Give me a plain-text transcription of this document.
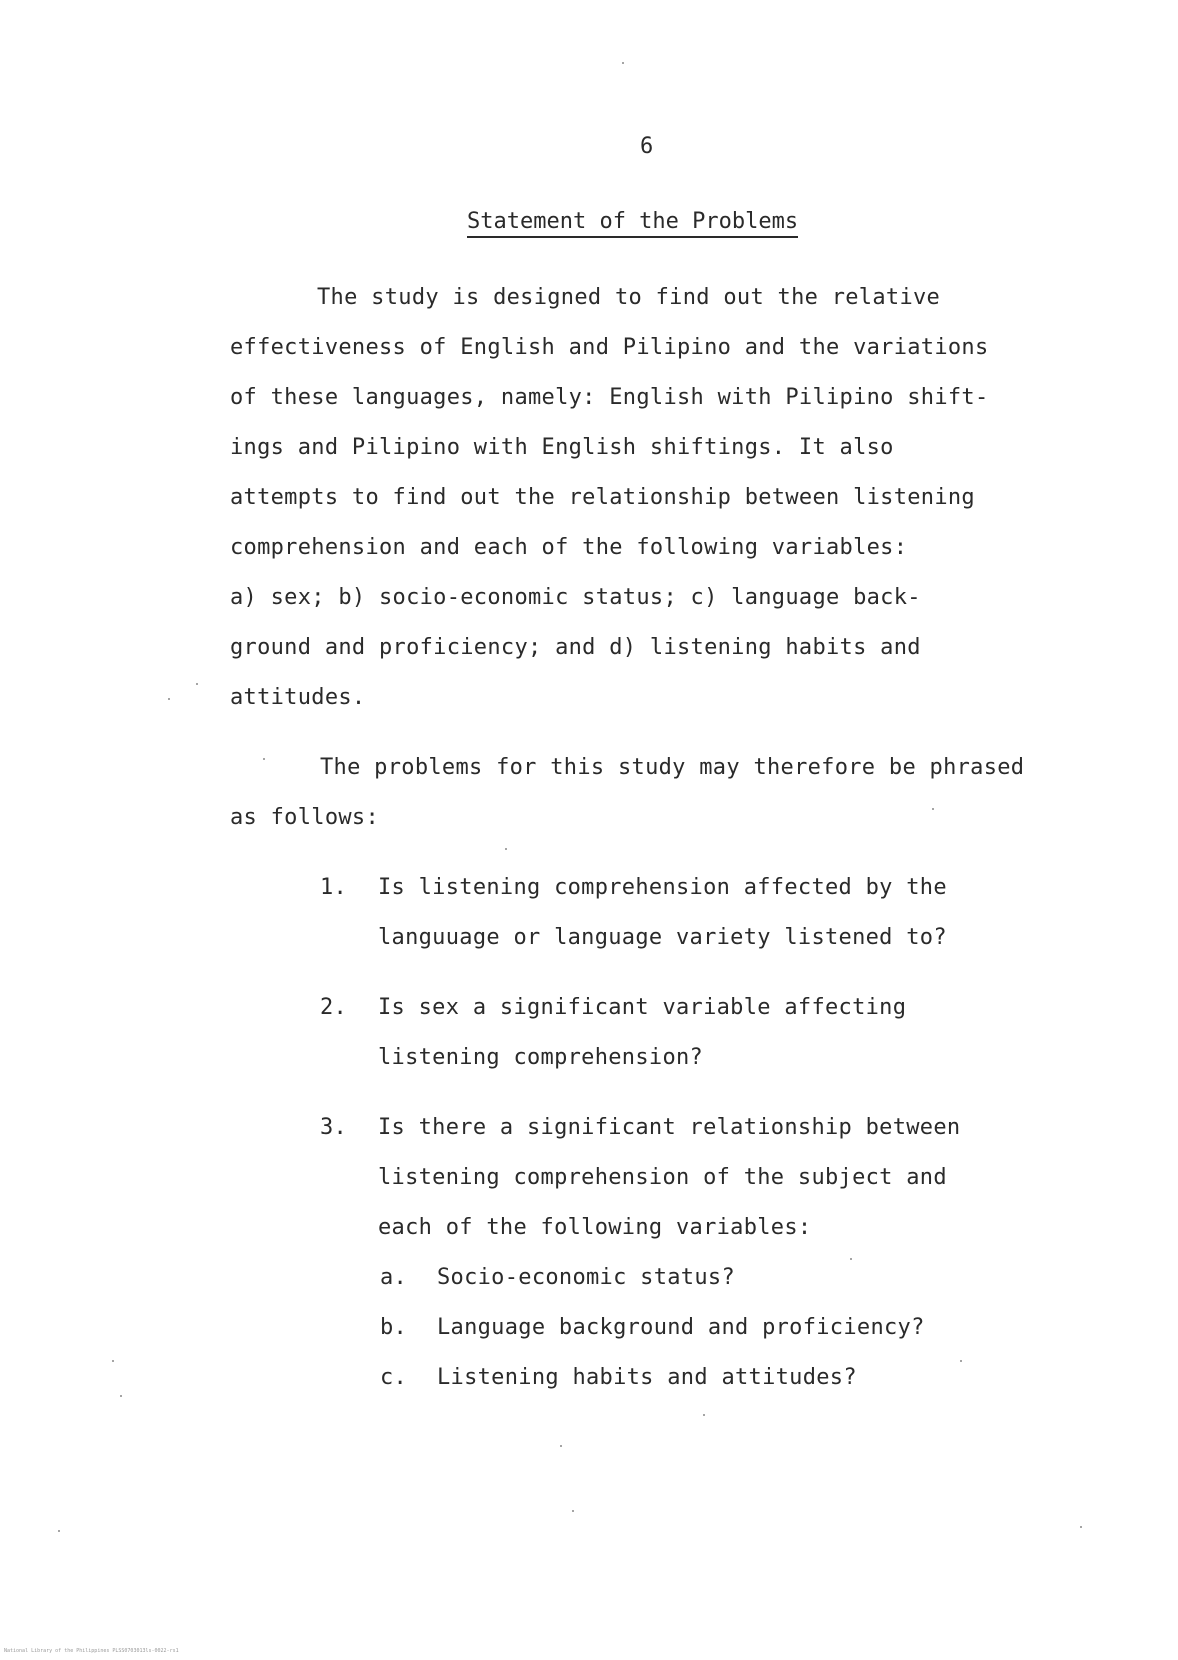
6
Statement of the Problems
The study is designed to find out the relative
effectiveness of English and Pilipino and the variations
of these languages, namely: English with Pilipino shift-
ings and Pilipino with English shiftings. It also
attempts to find out the relationship between listening
comprehension and each of the following variables:
a) sex; b) socio-economic status; c) language back-
ground and proficiency; and d) listening habits and
attitudes.
The problems for this study may therefore be phrased
as follows:
1. Is listening comprehension affected by the
languuage or language variety listened to?
2. Is sex a significant variable affecting
listening comprehension?
3. Is there a significant relationship between
listening comprehension of the subject and
each of the following variables:
a. Socio-economic status?
b. Language background and proficiency?
c. Listening habits and attitudes?
National Library of the Philippines PLSS0703013ls-0022-rs1
